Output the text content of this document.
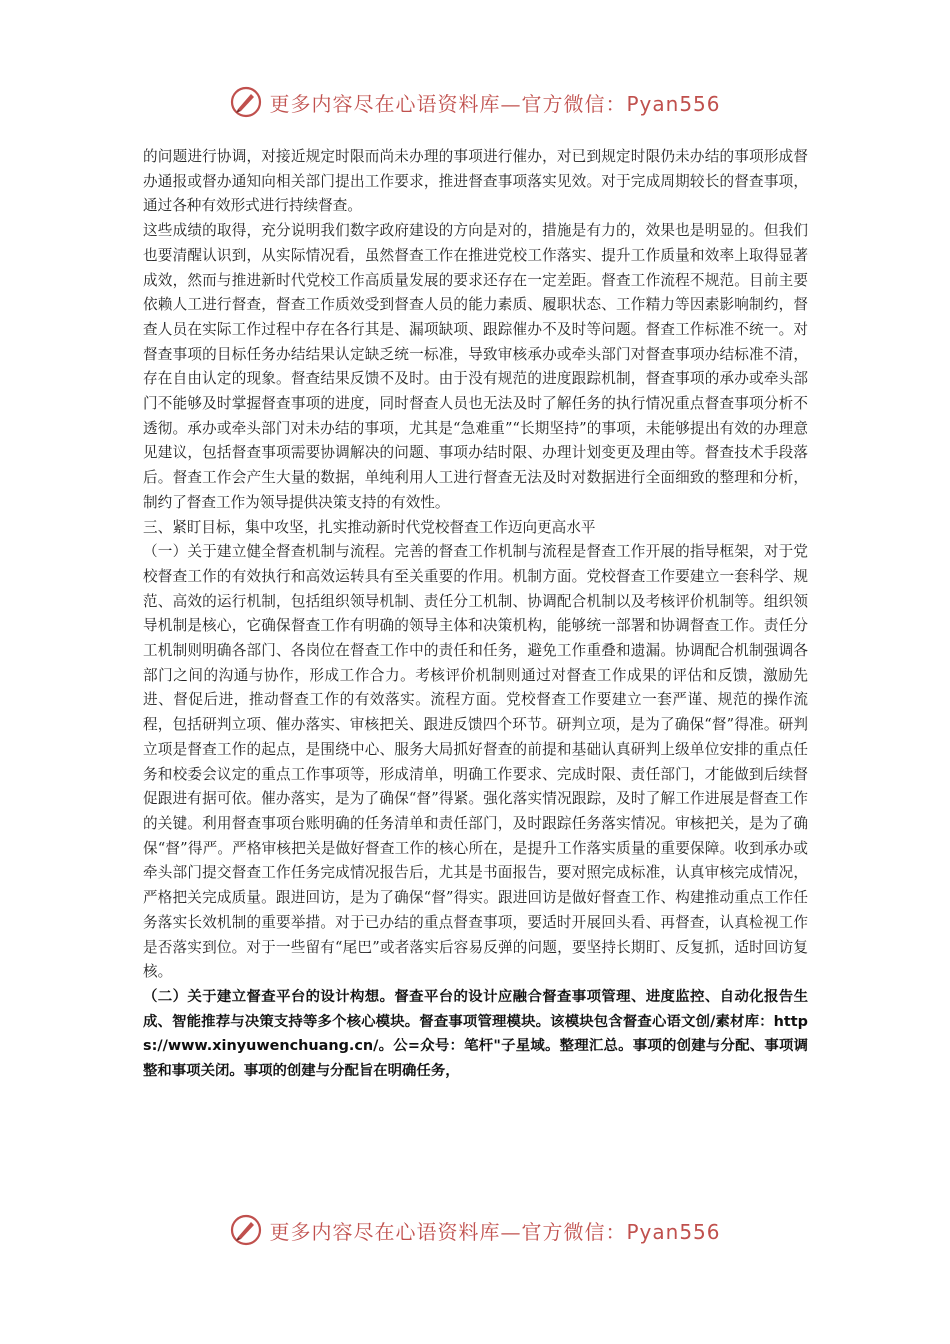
更多内容尽在心语资料库—官方微信：Pyan556

的问题进行协调，对接近规定时限而尚未办理的事项进行催办，对已到规定时限仍未办结的事项形成督办通报或督办通知向相关部门提出工作要求，推进督查事项落实见效。对于完成周期较长的督查事项，通过各种有效形式进行持续督查。

这些成绩的取得，充分说明我们数字政府建设的方向是对的，措施是有力的，效果也是明显的。但我们也要清醒认识到，从实际情况看，虽然督查工作在推进党校工作落实、提升工作质量和效率上取得显著成效，然而与推进新时代党校工作高质量发展的要求还存在一定差距。督查工作流程不规范。目前主要依赖人工进行督查，督查工作质效受到督查人员的能力素质、履职状态、工作精力等因素影响制约，督查人员在实际工作过程中存在各行其是、漏项缺项、跟踪催办不及时等问题。督查工作标准不统一。对督查事项的目标任务办结结果认定缺乏统一标准，导致审核承办或牵头部门对督查事项办结标准不清，存在自由认定的现象。督查结果反馈不及时。由于没有规范的进度跟踪机制，督查事项的承办或牵头部门不能够及时掌握督查事项的进度，同时督查人员也无法及时了解任务的执行情况重点督查事项分析不透彻。承办或牵头部门对未办结的事项，尤其是“急难重”“长期坚持”的事项，未能够提出有效的办理意见建议，包括督查事项需要协调解决的问题、事项办结时限、办理计划变更及理由等。督查技术手段落后。督查工作会产生大量的数据，单纯利用人工进行督查无法及时对数据进行全面细致的整理和分析，制约了督查工作为领导提供决策支持的有效性。

三、紧盯目标，集中攻坚，扎实推动新时代党校督查工作迈向更高水平

（一）关于建立健全督查机制与流程。完善的督查工作机制与流程是督查工作开展的指导框架，对于党校督查工作的有效执行和高效运转具有至关重要的作用。机制方面。党校督查工作要建立一套科学、规范、高效的运行机制，包括组织领导机制、责任分工机制、协调配合机制以及考核评价机制等。组织领导机制是核心，它确保督查工作有明确的领导主体和决策机构，能够统一部署和协调督查工作。责任分工机制则明确各部门、各岗位在督查工作中的责任和任务，避免工作重叠和遗漏。协调配合机制强调各部门之间的沟通与协作，形成工作合力。考核评价机制则通过对督查工作成果的评估和反馈，激励先进、督促后进，推动督查工作的有效落实。流程方面。党校督查工作要建立一套严谨、规范的操作流程，包括研判立项、催办落实、审核把关、跟进反馈四个环节。研判立项，是为了确保“督”得准。研判立项是督查工作的起点，是围绕中心、服务大局抓好督查的前提和基础认真研判上级单位安排的重点任务和校委会议定的重点工作事项等，形成清单，明确工作要求、完成时限、责任部门，才能做到后续督促跟进有据可依。催办落实，是为了确保“督”得紧。强化落实情况跟踪，及时了解工作进展是督查工作的关键。利用督查事项台账明确的任务清单和责任部门，及时跟踪任务落实情况。审核把关，是为了确保“督”得严。严格审核把关是做好督查工作的核心所在，是提升工作落实质量的重要保障。收到承办或牵头部门提交督查工作任务完成情况报告后，尤其是书面报告，要对照完成标准，认真审核完成情况，严格把关完成质量。跟进回访，是为了确保“督”得实。跟进回访是做好督查工作、构建推动重点工作任务落实长效机制的重要举措。对于已办结的重点督查事项，要适时开展回头看、再督查，认真检视工作是否落实到位。对于一些留有“尾巴”或者落实后容易反弹的问题，要坚持长期盯、反复抓，适时回访复核。

（二）关于建立督查平台的设计构想。督查平台的设计应融合督查事项管理、进度监控、自动化报告生成、智能推荐与决策支持等多个核心模块。督查事项管理模块。该模块包含督查心语文创/素材库：https://www.xinyuwenchuang.cn/。公=众号：笔杆"子星域。整理汇总。事项的创建与分配、事项调整和事项关闭。事项的创建与分配旨在明确任务，

更多内容尽在心语资料库—官方微信：Pyan556
